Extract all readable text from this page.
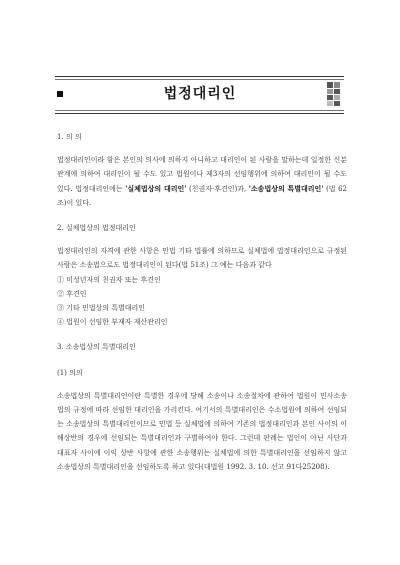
법정대리인

1. 의 의

법정대리인이라 함은 본인의 의사에 의하지 아니하고 대리인이 된 사람을 말하는데 일정한 신분관계에 의하여 대리인이 될 수도 있고 법원이나 제3자의 선임행위에 의하여 대리인이 될 수도 있다. 법정대리인에는 '실체법상의 대리인' (친권자·후견인)과, '소송법상의 특별대리인' (법 62조)이 있다.

2. 실체법상의 법정대리인

법정대리인의 자격에 관한 사항은 민법 기타 법률에 의하므로 실체법에 법정대리인으로 규정된 사람은 소송법으로도 법정대리인이 된다(법 51조) 그 예는 다음과 같다

① 미성년자의 친권자 또는 후견인

② 후견인

③ 기타 민법상의 특별대리인

④ 법원이 선임한 부재자 재산관리인

3. 소송법상의 특별대리인

(1) 의의

소송법상의 특별대리인이란 특별한 경우에 당해 소송이나 소송절차에 관하여 법원이 민사소송법의 규정에 따라 선임한 대리인을 가리킨다. 여기서의 특별대리인은 수소법원에 의하여 선임되는 소송법상의 특별대리인이므로 민법 등 실체법에 의하여 기존의 법정대리인과 본인 사이의 이해상반의 경우에 선임되는 특별대리인과 구별하여야 한다. 그런데 판례는 법인이 아닌 사단과 대표자 사이에 이익 상반 사항에 관한 소송행위는 실체법에 의한 특별대리인을 선임하지 않고 소송법상의 특별대리인을 선임하도록 하고 있다(대법원 1992. 3. 10. 선고 91다25208).
